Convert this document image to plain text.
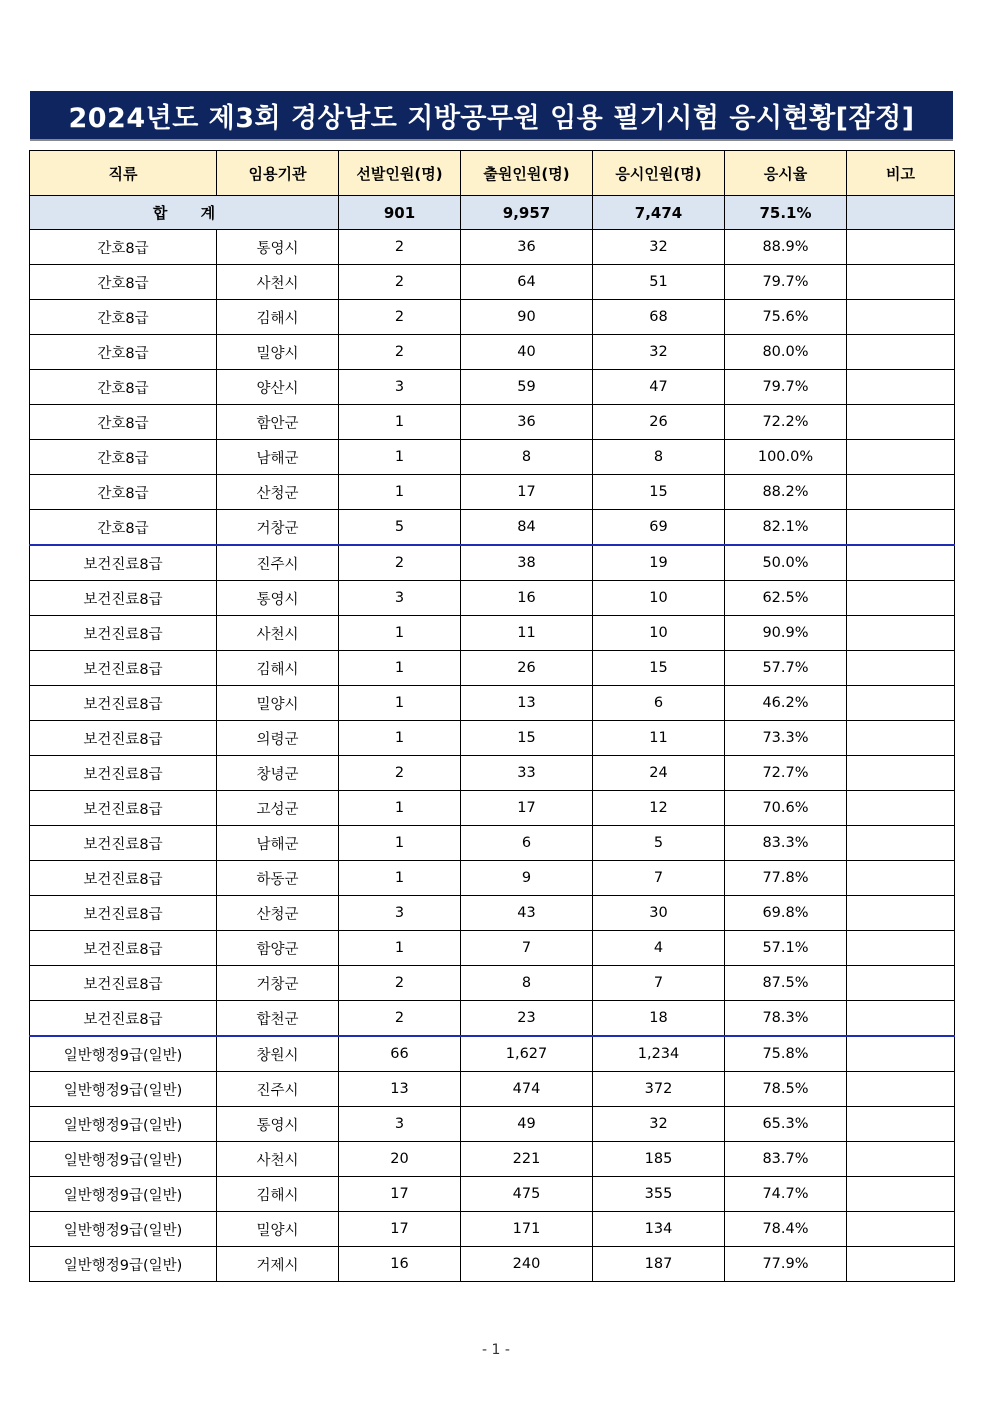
2024년도 제3회 경상남도 지방공무원 임용 필기시험 응시현황[잠정]
직류	임용기관	선발인원(명)	출원인원(명)	응시인원(명)	응시율	비고
합 계		901	9,957	7,474	75.1%	
간호8급	통영시	2	36	32	88.9%	
간호8급	사천시	2	64	51	79.7%	
간호8급	김해시	2	90	68	75.6%	
간호8급	밀양시	2	40	32	80.0%	
간호8급	양산시	3	59	47	79.7%	
간호8급	함안군	1	36	26	72.2%	
간호8급	남해군	1	8	8	100.0%	
간호8급	산청군	1	17	15	88.2%	
간호8급	거창군	5	84	69	82.1%	
보건진료8급	진주시	2	38	19	50.0%	
보건진료8급	통영시	3	16	10	62.5%	
보건진료8급	사천시	1	11	10	90.9%	
보건진료8급	김해시	1	26	15	57.7%	
보건진료8급	밀양시	1	13	6	46.2%	
보건진료8급	의령군	1	15	11	73.3%	
보건진료8급	창녕군	2	33	24	72.7%	
보건진료8급	고성군	1	17	12	70.6%	
보건진료8급	남해군	1	6	5	83.3%	
보건진료8급	하동군	1	9	7	77.8%	
보건진료8급	산청군	3	43	30	69.8%	
보건진료8급	함양군	1	7	4	57.1%	
보건진료8급	거창군	2	8	7	87.5%	
보건진료8급	합천군	2	23	18	78.3%	
일반행정9급(일반)	창원시	66	1,627	1,234	75.8%	
일반행정9급(일반)	진주시	13	474	372	78.5%	
일반행정9급(일반)	통영시	3	49	32	65.3%	
일반행정9급(일반)	사천시	20	221	185	83.7%	
일반행정9급(일반)	김해시	17	475	355	74.7%	
일반행정9급(일반)	밀양시	17	171	134	78.4%	
일반행정9급(일반)	거제시	16	240	187	77.9%	
- 1 -
